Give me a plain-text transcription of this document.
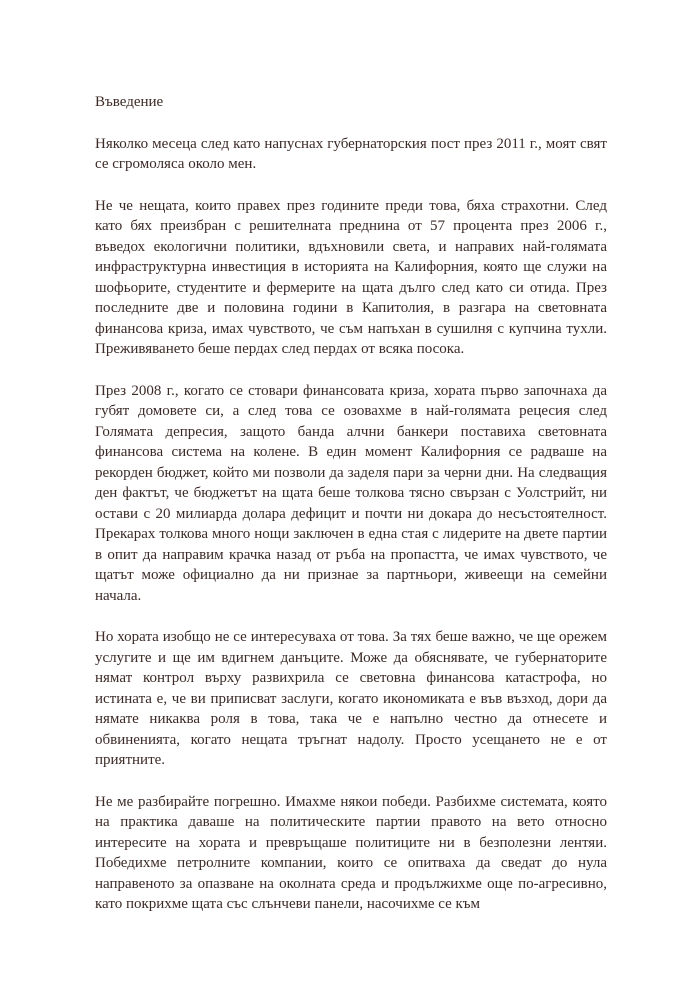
Въведение

Няколко месеца след като напуснах губернаторския пост през 2011 г., моят свят се сгромоляса около мен.

Не че нещата, които правех през годините преди това, бяха страхотни. След като бях преизбран с решителната преднина от 57 процента през 2006 г., въведох екологични политики, вдъхновили света, и направих най-голямата инфраструктурна инвестиция в историята на Калифорния, която ще служи на шофьорите, студентите и фермерите на щата дълго след като си отида. През последните две и половина години в Капитолия, в разгара на световната финансова криза, имах чувството, че съм напъхан в сушилня с купчина тухли. Преживяването беше пердах след пердах от всяка посока.

През 2008 г., когато се стовари финансовата криза, хората първо започнаха да губят домовете си, а след това се озовахме в най-голямата рецесия след Голямата депресия, защото банда алчни банкери поставиха световната финансова система на колене. В един момент Калифорния се радваше на рекорден бюджет, който ми позволи да заделя пари за черни дни. На следващия ден фактът, че бюджетът на щата беше толкова тясно свързан с Уолстрийт, ни остави с 20 милиарда долара дефицит и почти ни докара до несъстоятелност. Прекарах толкова много нощи заключен в една стая с лидерите на двете партии в опит да направим крачка назад от ръба на пропастта, че имах чувството, че щатът може официално да ни признае за партньори, живеещи на семейни начала.

Но хората изобщо не се интересуваха от това. За тях беше важно, че ще орежем услугите и ще им вдигнем данъците. Може да обяснявате, че губернаторите нямат контрол върху развихрила се световна финансова катастрофа, но истината е, че ви приписват заслуги, когато икономиката е във възход, дори да нямате никаква роля в това, така че е напълно честно да отнесете и обвиненията, когато нещата тръгнат надолу. Просто усещането не е от приятните.

Не ме разбирайте погрешно. Имахме някои победи. Разбихме системата, която на практика даваше на политическите партии правото на вето относно интересите на хората и превръщаше политиците ни в безполезни лентяи. Победихме петролните компании, които се опитваха да сведат до нула направеното за опазване на околната среда и продължихме още по-агресивно, като покрихме щата със слънчеви панели, насочихме се към
